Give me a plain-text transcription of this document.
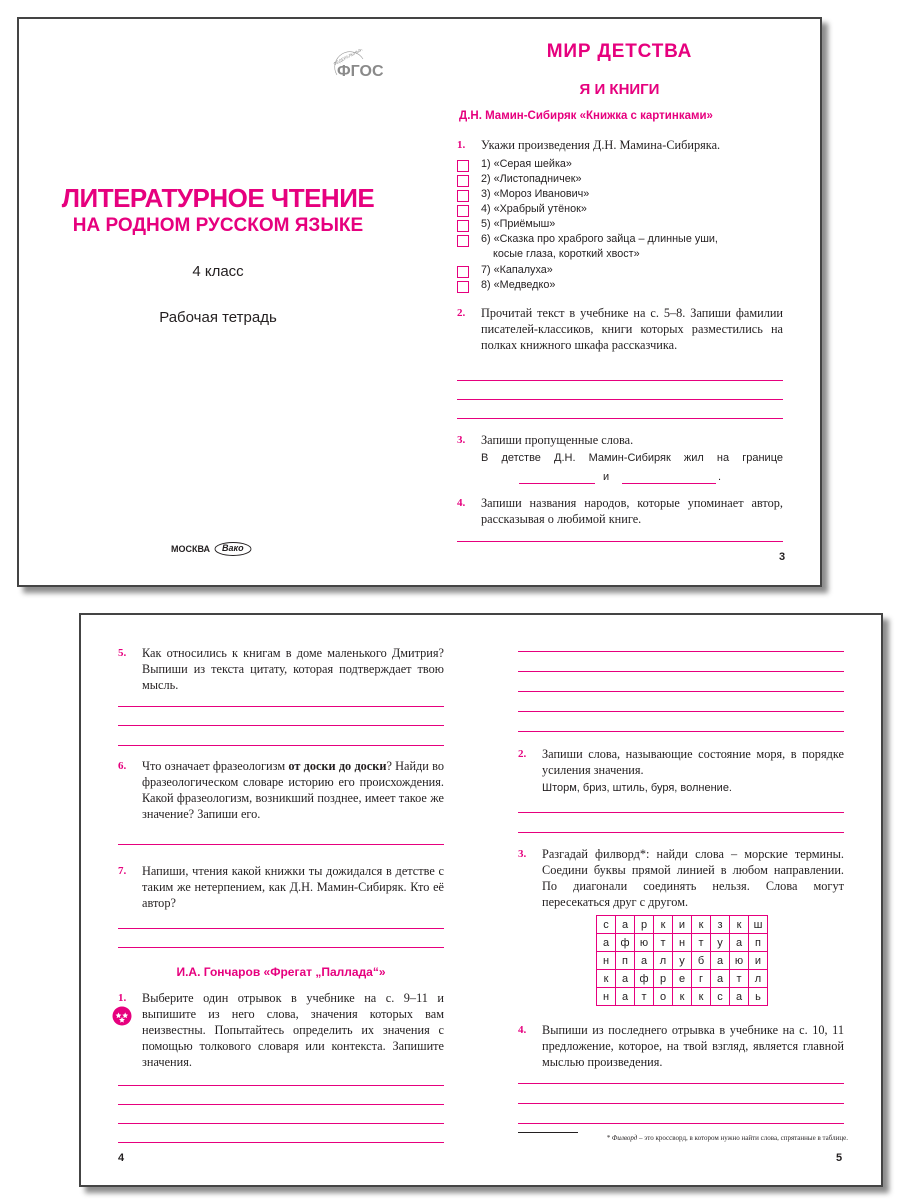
ФЕДЕРАЛЬНЫЙ
ФГОС
ЛИТЕРАТУРНОЕ ЧТЕНИЕ
НА РОДНОМ РУССКОМ ЯЗЫКЕ
4 класс
Рабочая тетрадь
МОСКВА Вако
МИР ДЕТСТВА
Я И КНИГИ
Д.Н. Мамин-Сибиряк «Книжка с картинками»
1. Укажи произведения Д.Н. Мамина-Сибиряка.
1) «Серая шейка»
2) «Листопадничек»
3) «Мороз Иванович»
4) «Храбрый утёнок»
5) «Приёмыш»
6) «Сказка про храброго зайца – длинные уши,
косые глаза, короткий хвост»
7) «Капалуха»
8) «Медведко»
2. Прочитай текст в учебнике на с. 5–8. Запиши фамилии писателей-классиков, книги которых разместились на полках книжного шкафа рассказчика.
3. Запиши пропущенные слова.
В детстве Д.Н. Мамин-Сибиряк жил на границе
и	.
4. Запиши названия народов, которые упоминает автор, рассказывая о любимой книге.
3
5. Как относились к книгам в доме маленького Дмитрия? Выпиши из текста цитату, которая подтверждает твою мысль.
6. Что означает фразеологизм от доски до доски? Найди во фразеологическом словаре историю его происхождения. Какой фразеологизм, возникший позднее, имеет такое же значение? Запиши его.
7. Напиши, чтения какой книжки ты дожидался в детстве с таким же нетерпением, как Д.Н. Мамин-Сибиряк. Кто её автор?
И.А. Гончаров «Фрегат „Паллада“»
1. Выберите один отрывок в учебнике на с. 9–11 и выпишите из него слова, значения которых вам неизвестны. Попытайтесь определить их значения с помощью толкового словаря или контекста. Запишите значения.
4
2. Запиши слова, называющие состояние моря, в порядке усиления значения.
Шторм, бриз, штиль, буря, волнение.
3. Разгадай филворд*: найди слова – морские термины. Соедини буквы прямой линией в любом направлении. По диагонали соединять нельзя. Слова могут пересекаться друг с другом.
с	а	р	к	и	к	з	к	ш
а	ф	ю	т	н	т	у	а	п
н	п	а	л	у	б	а	ю	и
к	а	ф	р	е	г	а	т	л
н	а	т	о	к	к	с	а	ь
4. Выпиши из последнего отрывка в учебнике на с. 10, 11 предложение, которое, на твой взгляд, является главной мыслью произведения.
* Филворд – это кроссворд, в котором нужно найти слова, спрятанные в таблице.
5
